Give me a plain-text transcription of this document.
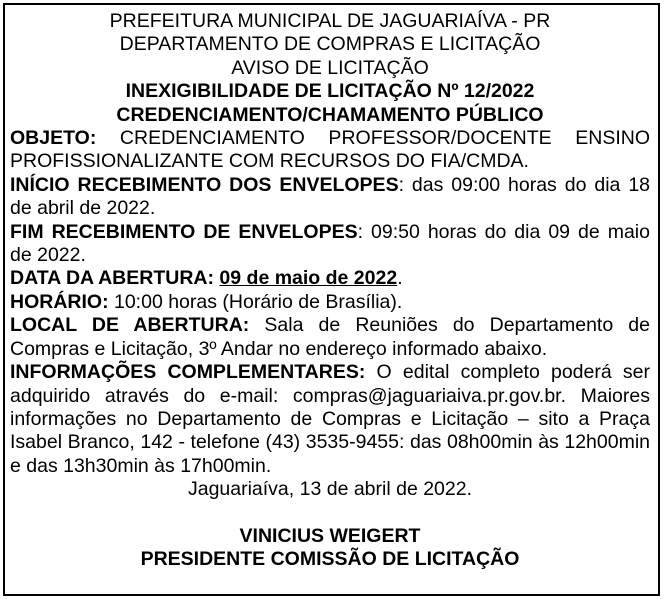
PREFEITURA MUNICIPAL DE JAGUARIAÍVA - PR
DEPARTAMENTO DE COMPRAS E LICITAÇÃO
AVISO DE LICITAÇÃO
INEXIGIBILIDADE DE LICITAÇÃO Nº 12/2022
CREDENCIAMENTO/CHAMAMENTO PÚBLICO

OBJETO: CREDENCIAMENTO PROFESSOR/DOCENTE ENSINO PROFISSIONALIZANTE COM RECURSOS DO FIA/CMDA.

INÍCIO RECEBIMENTO DOS ENVELOPES: das 09:00 horas do dia 18 de abril de 2022.

FIM RECEBIMENTO DE ENVELOPES: 09:50 horas do dia 09 de maio de 2022.

DATA DA ABERTURA: 09 de maio de 2022.

HORÁRIO: 10:00 horas (Horário de Brasília).

LOCAL DE ABERTURA: Sala de Reuniões do Departamento de Compras e Licitação, 3º Andar no endereço informado abaixo.

INFORMAÇÕES COMPLEMENTARES: O edital completo poderá ser adquirido através do e-mail: compras@jaguariaiva.pr.gov.br. Maiores informações no Departamento de Compras e Licitação – sito a Praça Isabel Branco, 142 - telefone (43) 3535-9455: das 08h00min às 12h00min e das 13h30min às 17h00min.

Jaguariaíva, 13 de abril de 2022.
VINICIUS WEIGERT
PRESIDENTE COMISSÃO DE LICITAÇÃO
